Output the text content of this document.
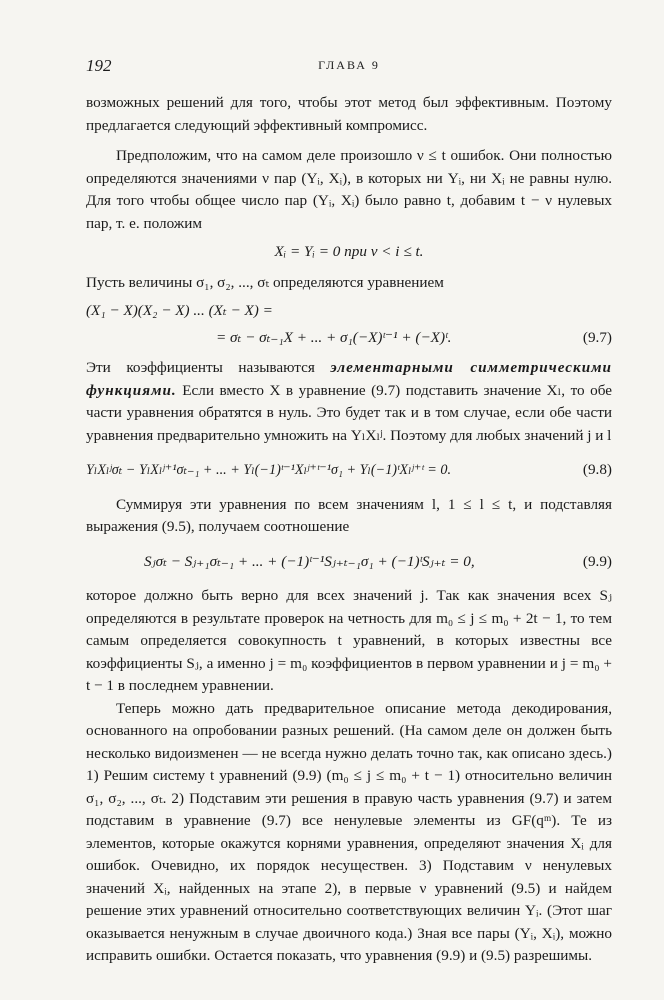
192	ГЛАВА 9

возможных решений для того, чтобы этот метод был эффективным. Поэтому предлагается следующий эффективный компромисс.

Предположим, что на самом деле произошло ν ≤ t ошибок. Они полностью определяются значениями ν пар (Yᵢ, Xᵢ), в которых ни Yᵢ, ни Xᵢ не равны нулю. Для того чтобы общее число пар (Yᵢ, Xᵢ) было равно t, добавим t − ν нулевых пар, т. е. положим

Xᵢ = Yᵢ = 0 при ν < i ≤ t.

Пусть величины σ₁, σ₂, ..., σₜ определяются уравнением

(X₁ − X)(X₂ − X) ... (Xₜ − X) =
= σₜ − σₜ₋₁X + ... + σ₁(−X)ᵗ⁻¹ + (−X)ᵗ.	(9.7)

Эти коэффициенты называются элементарными симметрическими функциями. Если вместо X в уравнение (9.7) подставить значение Xₗ, то обе части уравнения обратятся в нуль. Это будет так и в том случае, если обе части уравнения предварительно умножить на YₗXₗʲ. Поэтому для любых значений j и l

YₗXₗʲσₜ − YₗXₗʲ⁺¹σₜ₋₁ + ... + Yₗ(−1)ᵗ⁻¹Xₗʲ⁺ᵗ⁻¹σ₁ + Yₗ(−1)ᵗXₗʲ⁺ᵗ = 0.	(9.8)

Суммируя эти уравнения по всем значениям l, 1 ≤ l ≤ t, и подставляя выражения (9.5), получаем соотношение

Sⱼσₜ − Sⱼ₊₁σₜ₋₁ + ... + (−1)ᵗ⁻¹Sⱼ₊ₜ₋₁σ₁ + (−1)ᵗSⱼ₊ₜ = 0,	(9.9)

которое должно быть верно для всех значений j. Так как значения всех Sⱼ определяются в результате проверок на четность для m₀ ≤ j ≤ m₀ + 2t − 1, то тем самым определяется совокупность t уравнений, в которых известны все коэффициенты Sⱼ, а именно j = m₀ коэффициентов в первом уравнении и j = m₀ + t − 1 в последнем уравнении.

Теперь можно дать предварительное описание метода декодирования, основанного на опробовании разных решений. (На самом деле он должен быть несколько видоизменен — не всегда нужно делать точно так, как описано здесь.) 1) Решим систему t уравнений (9.9) (m₀ ≤ j ≤ m₀ + t − 1) относительно величин σ₁, σ₂, ..., σₜ. 2) Подставим эти решения в правую часть уравнения (9.7) и затем подставим в уравнение (9.7) все ненулевые элементы из GF(qᵐ). Те из элементов, которые окажутся корнями уравнения, определяют значения Xᵢ для ошибок. Очевидно, их порядок несуществен. 3) Подставим ν ненулевых значений Xᵢ, найденных на этапе 2), в первые ν уравнений (9.5) и найдем решение этих уравнений относительно соответствующих величин Yᵢ. (Этот шаг оказывается ненужным в случае двоичного кода.) Зная все пары (Yᵢ, Xᵢ), можно исправить ошибки. Остается показать, что уравнения (9.9) и (9.5) разрешимы.
